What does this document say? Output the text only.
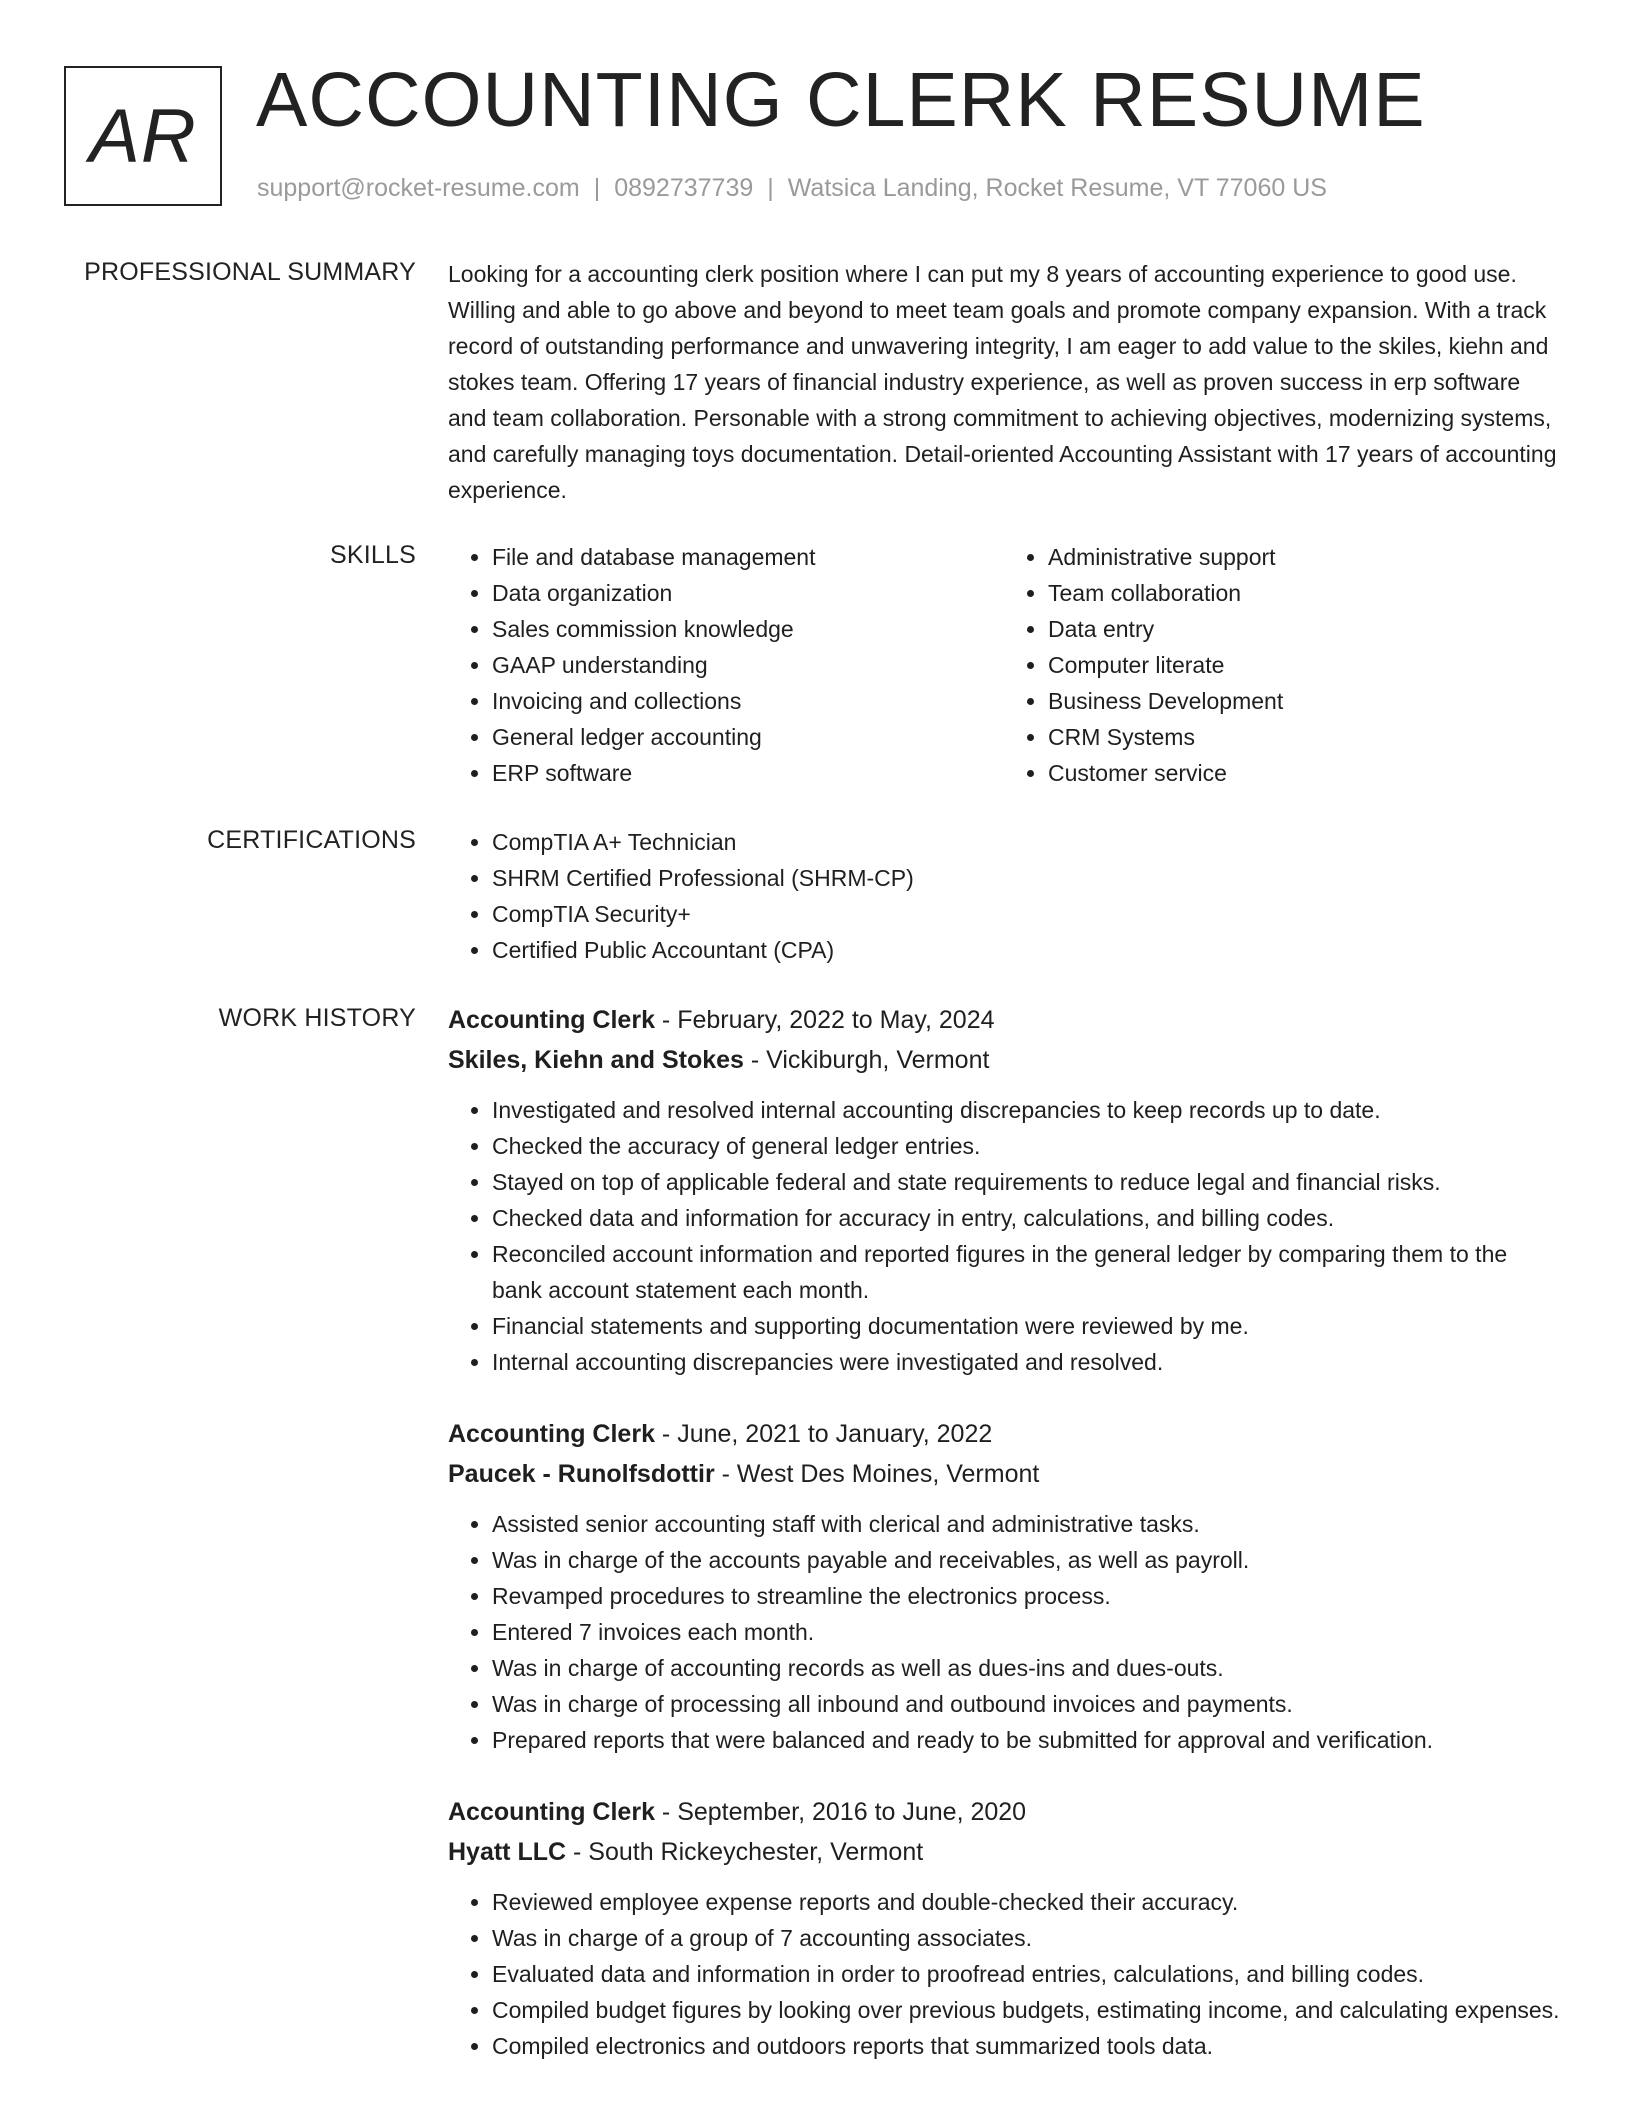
AR ACCOUNTING CLERK RESUME
support@rocket-resume.com | 0892737739 | Watsica Landing, Rocket Resume, VT 77060 US
PROFESSIONAL SUMMARY Looking for a accounting clerk position where I can put my 8 years of accounting experience to good use. Willing and able to go above and beyond to meet team goals and promote company expansion. With a track record of outstanding performance and unwavering integrity, I am eager to add value to the skiles, kiehn and stokes team. Offering 17 years of financial industry experience, as well as proven success in erp software and team collaboration. Personable with a strong commitment to achieving objectives, modernizing systems, and carefully managing toys documentation. Detail-oriented Accounting Assistant with 17 years of accounting experience.

SKILLS	• File and database management
• Data organization
• Sales commission knowledge
• GAAP understanding
• Invoicing and collections
• General ledger accounting
• ERP software
• Administrative support
• Team collaboration
• Data entry
• Computer literate
• Business Development
• CRM Systems
• Customer service
CERTIFICATIONS	• CompTIA A+ Technician
• SHRM Certified Professional (SHRM-CP)
• CompTIA Security+
• Certified Public Accountant (CPA)
WORK HISTORY Accounting Clerk - February, 2022 to May, 2024
Skiles, Kiehn and Stokes - Vickiburgh, Vermont
• Investigated and resolved internal accounting discrepancies to keep records up to date.
• Checked the accuracy of general ledger entries.
• Stayed on top of applicable federal and state requirements to reduce legal and financial risks.
• Checked data and information for accuracy in entry, calculations, and billing codes.
• Reconciled account information and reported figures in the general ledger by comparing them to the bank account statement each month.
• Financial statements and supporting documentation were reviewed by me.
• Internal accounting discrepancies were investigated and resolved.
Accounting Clerk - June, 2021 to January, 2022
Paucek - Runolfsdottir - West Des Moines, Vermont
• Assisted senior accounting staff with clerical and administrative tasks.
• Was in charge of the accounts payable and receivables, as well as payroll.
• Revamped procedures to streamline the electronics process.
• Entered 7 invoices each month.
• Was in charge of accounting records as well as dues-ins and dues-outs.
• Was in charge of processing all inbound and outbound invoices and payments.
• Prepared reports that were balanced and ready to be submitted for approval and verification.
Accounting Clerk - September, 2016 to June, 2020
Hyatt LLC - South Rickeychester, Vermont
• Reviewed employee expense reports and double-checked their accuracy.
• Was in charge of a group of 7 accounting associates.
• Evaluated data and information in order to proofread entries, calculations, and billing codes.
• Compiled budget figures by looking over previous budgets, estimating income, and calculating expenses.
• Compiled electronics and outdoors reports that summarized tools data.
